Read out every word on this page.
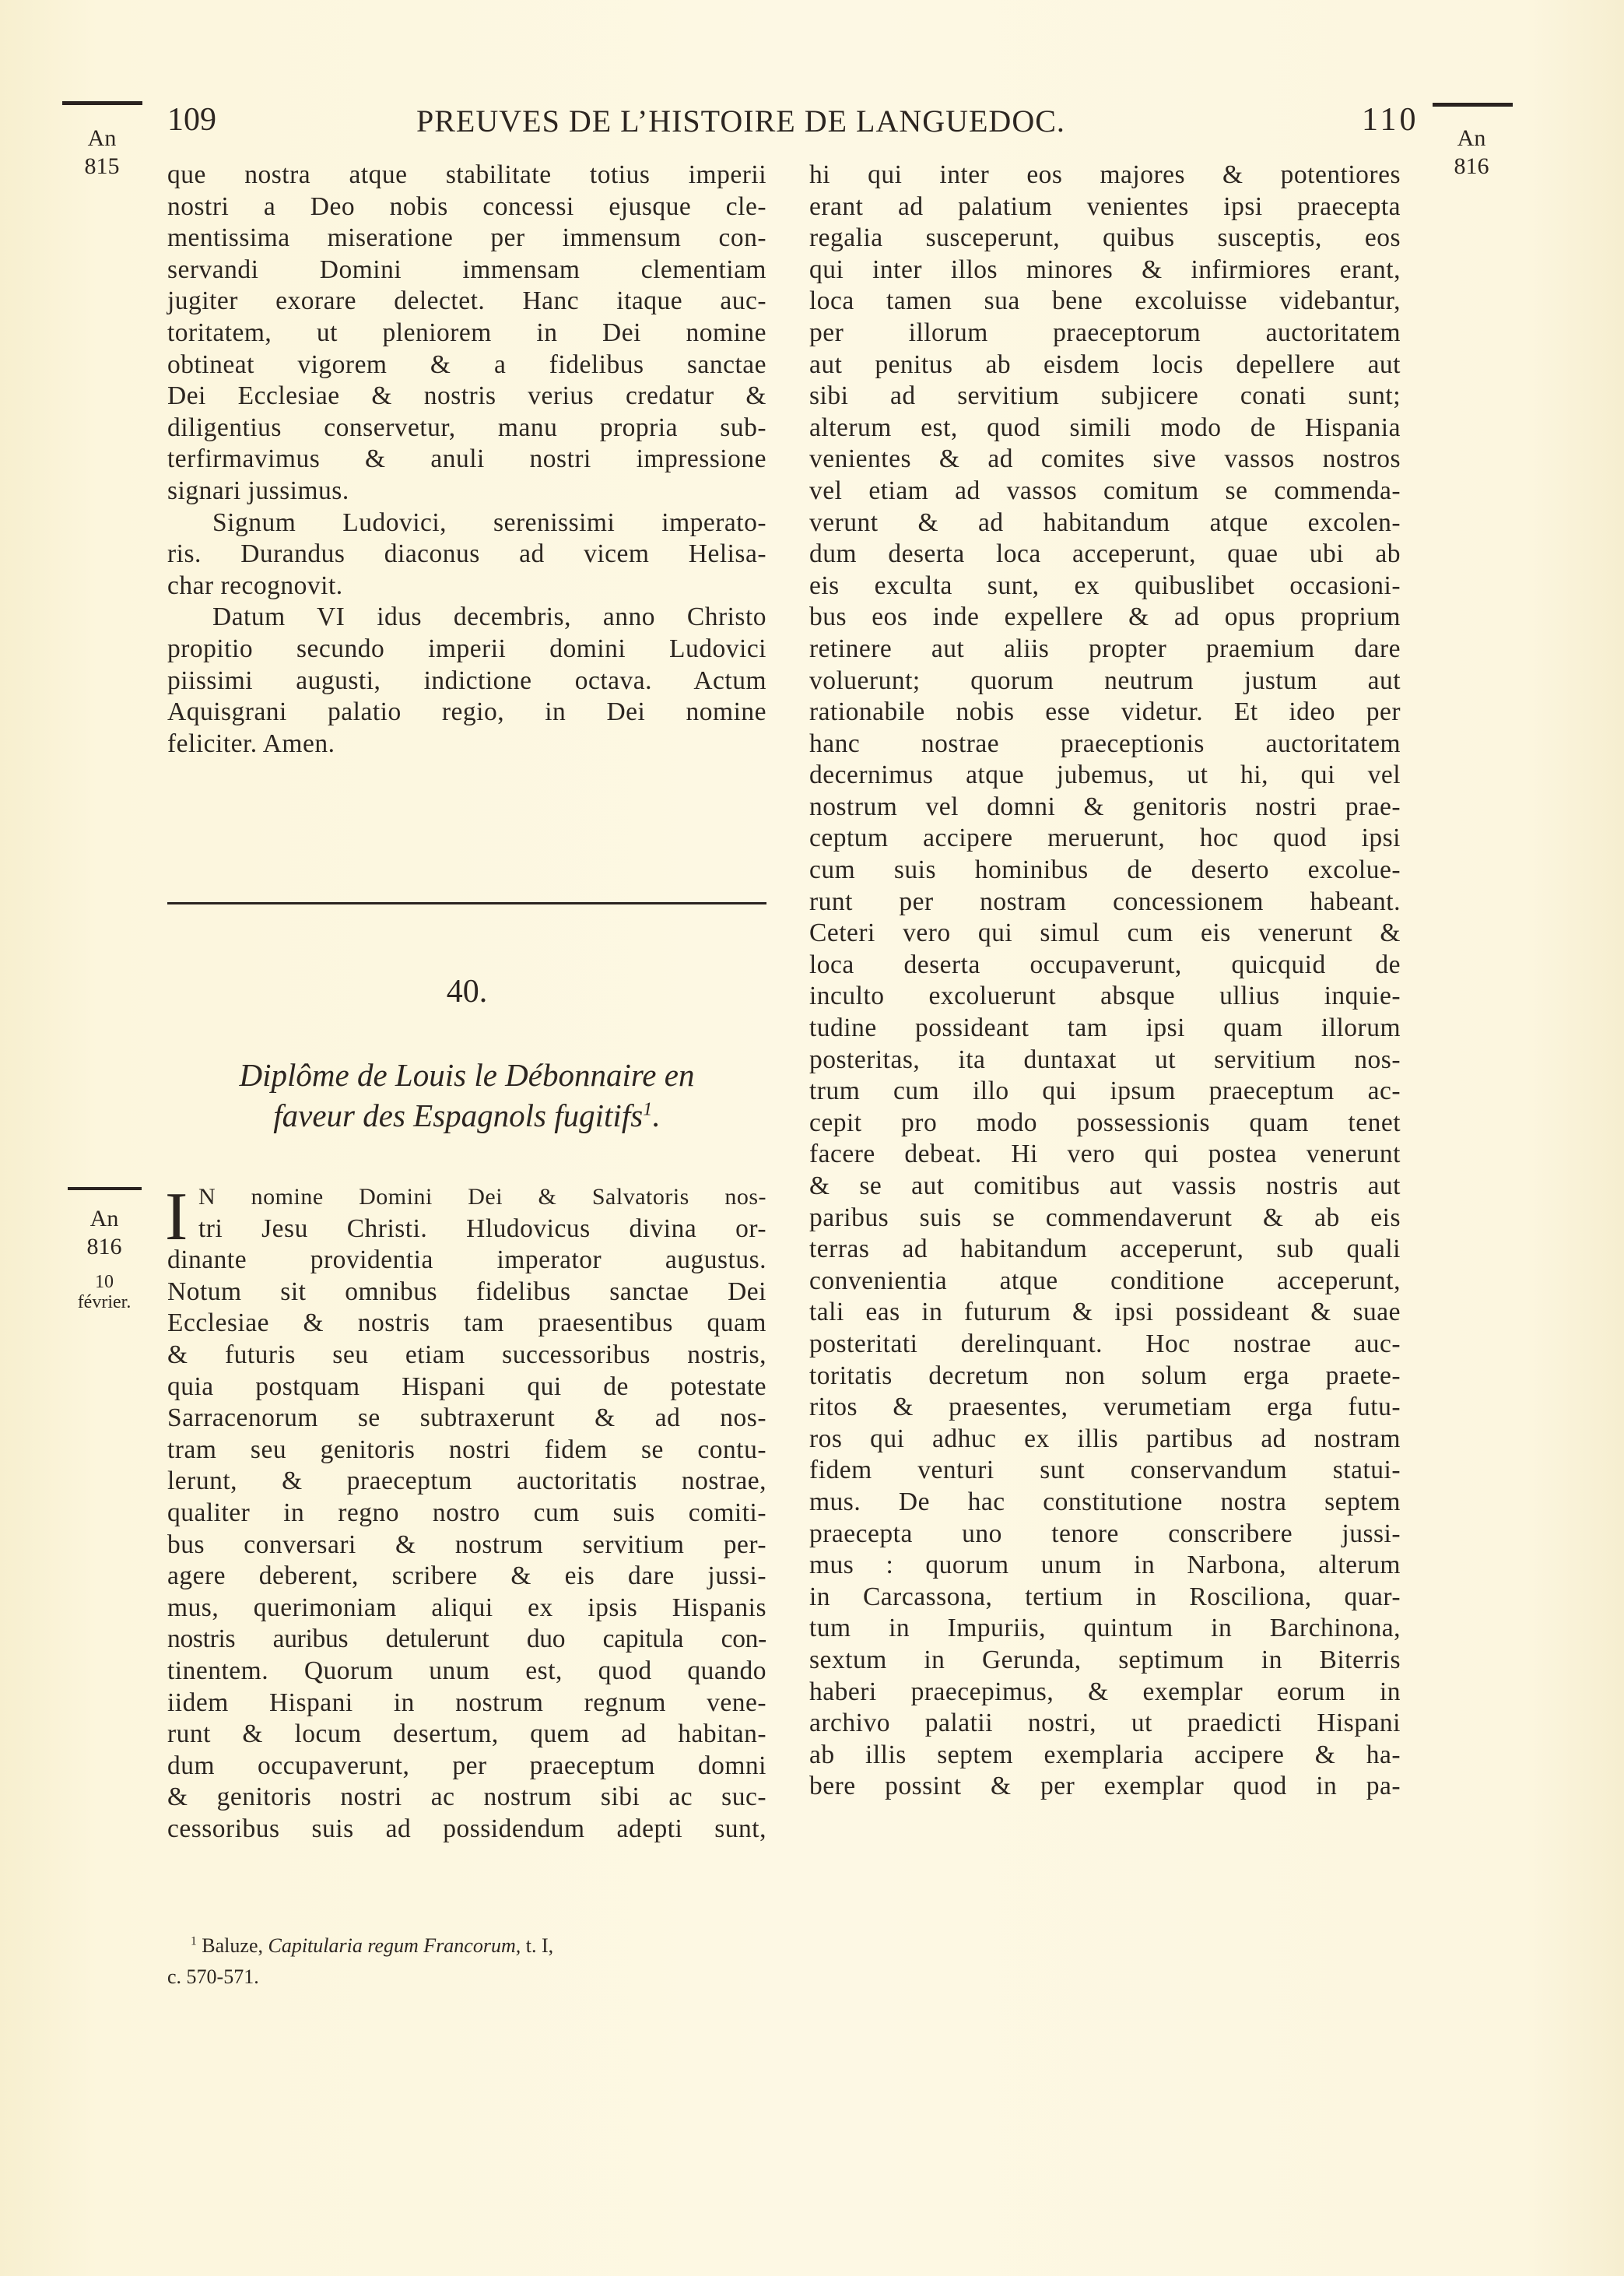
An
815
An
816
109	PREUVES DE L’HISTOIRE DE LANGUEDOC.	110
que nostra atque stabilitate totius imperii
nostri a Deo nobis concessi ejusque cle-
mentissima miseratione per immensum con-
servandi Domini immensam clementiam
jugiter exorare delectet. Hanc itaque auc-
toritatem, ut pleniorem in Dei nomine
obtineat vigorem & a fidelibus sanctae
Dei Ecclesiae & nostris verius credatur &
diligentius conservetur, manu propria sub-
terfirmavimus & anuli nostri impressione
signari jussimus.
Signum Ludovici, serenissimi imperato-
ris. Durandus diaconus ad vicem Helisa-
char recognovit.
Datum VI idus decembris, anno Christo
propitio secundo imperii domini Ludovici
piissimi augusti, indictione octava. Actum
Aquisgrani palatio regio, in Dei nomine
feliciter. Amen.
40.
Diplôme de Louis le Débonnaire en
faveur des Espagnols fugitifs$^1$.
An
816
10
février.
I N nomine Domini Dei & Salvatoris nos-
tri Jesu Christi. Hludovicus divina or-
dinante providentia imperator augustus.
Notum sit omnibus fidelibus sanctae Dei
Ecclesiae & nostris tam praesentibus quam
& futuris seu etiam successoribus nostris,
quia postquam Hispani qui de potestate
Sarracenorum se subtraxerunt & ad nos-
tram seu genitoris nostri fidem se contu-
lerunt, & praeceptum auctoritatis nostrae,
qualiter in regno nostro cum suis comiti-
bus conversari & nostrum servitium per-
agere deberent, scribere & eis dare jussi-
mus, querimoniam aliqui ex ipsis Hispanis
nostris auribus detulerunt duo capitula con-
tinentem. Quorum unum est, quod quando
iidem Hispani in nostrum regnum vene-
runt & locum desertum, quem ad habitan-
dum occupaverunt, per praeceptum domni
& genitoris nostri ac nostrum sibi ac suc-
cessoribus suis ad possidendum adepti sunt,
$^1$ Baluze, Capitularia regum Francorum, t. I,
c. 570-571.
hi qui inter eos majores & potentiores
erant ad palatium venientes ipsi praecepta
regalia susceperunt, quibus susceptis, eos
qui inter illos minores & infirmiores erant,
loca tamen sua bene excoluisse videbantur,
per illorum praeceptorum auctoritatem
aut penitus ab eisdem locis depellere aut
sibi ad servitium subjicere conati sunt;
alterum est, quod simili modo de Hispania
venientes & ad comites sive vassos nostros
vel etiam ad vassos comitum se commenda-
verunt & ad habitandum atque excolen-
dum deserta loca acceperunt, quae ubi ab
eis exculta sunt, ex quibuslibet occasioni-
bus eos inde expellere & ad opus proprium
retinere aut aliis propter praemium dare
voluerunt; quorum neutrum justum aut
rationabile nobis esse videtur. Et ideo per
hanc nostrae praeceptionis auctoritatem
decernimus atque jubemus, ut hi, qui vel
nostrum vel domni & genitoris nostri prae-
ceptum accipere meruerunt, hoc quod ipsi
cum suis hominibus de deserto excolue-
runt per nostram concessionem habeant.
Ceteri vero qui simul cum eis venerunt &
loca deserta occupaverunt, quicquid de
inculto excoluerunt absque ullius inquie-
tudine possideant tam ipsi quam illorum
posteritas, ita duntaxat ut servitium nos-
trum cum illo qui ipsum praeceptum ac-
cepit pro modo possessionis quam tenet
facere debeat. Hi vero qui postea venerunt
& se aut comitibus aut vassis nostris aut
paribus suis se commendaverunt & ab eis
terras ad habitandum acceperunt, sub quali
convenientia atque conditione acceperunt,
tali eas in futurum & ipsi possideant & suae
posteritati derelinquant. Hoc nostrae auc-
toritatis decretum non solum erga praete-
ritos & praesentes, verumetiam erga futu-
ros qui adhuc ex illis partibus ad nostram
fidem venturi sunt conservandum statui-
mus. De hac constitutione nostra septem
praecepta uno tenore conscribere jussi-
mus : quorum unum in Narbona, alterum
in Carcassona, tertium in Rosciliona, quar-
tum in Impuriis, quintum in Barchinona,
sextum in Gerunda, septimum in Biterris
haberi praecepimus, & exemplar eorum in
archivo palatii nostri, ut praedicti Hispani
ab illis septem exemplaria accipere & ha-
bere possint & per exemplar quod in pa-
